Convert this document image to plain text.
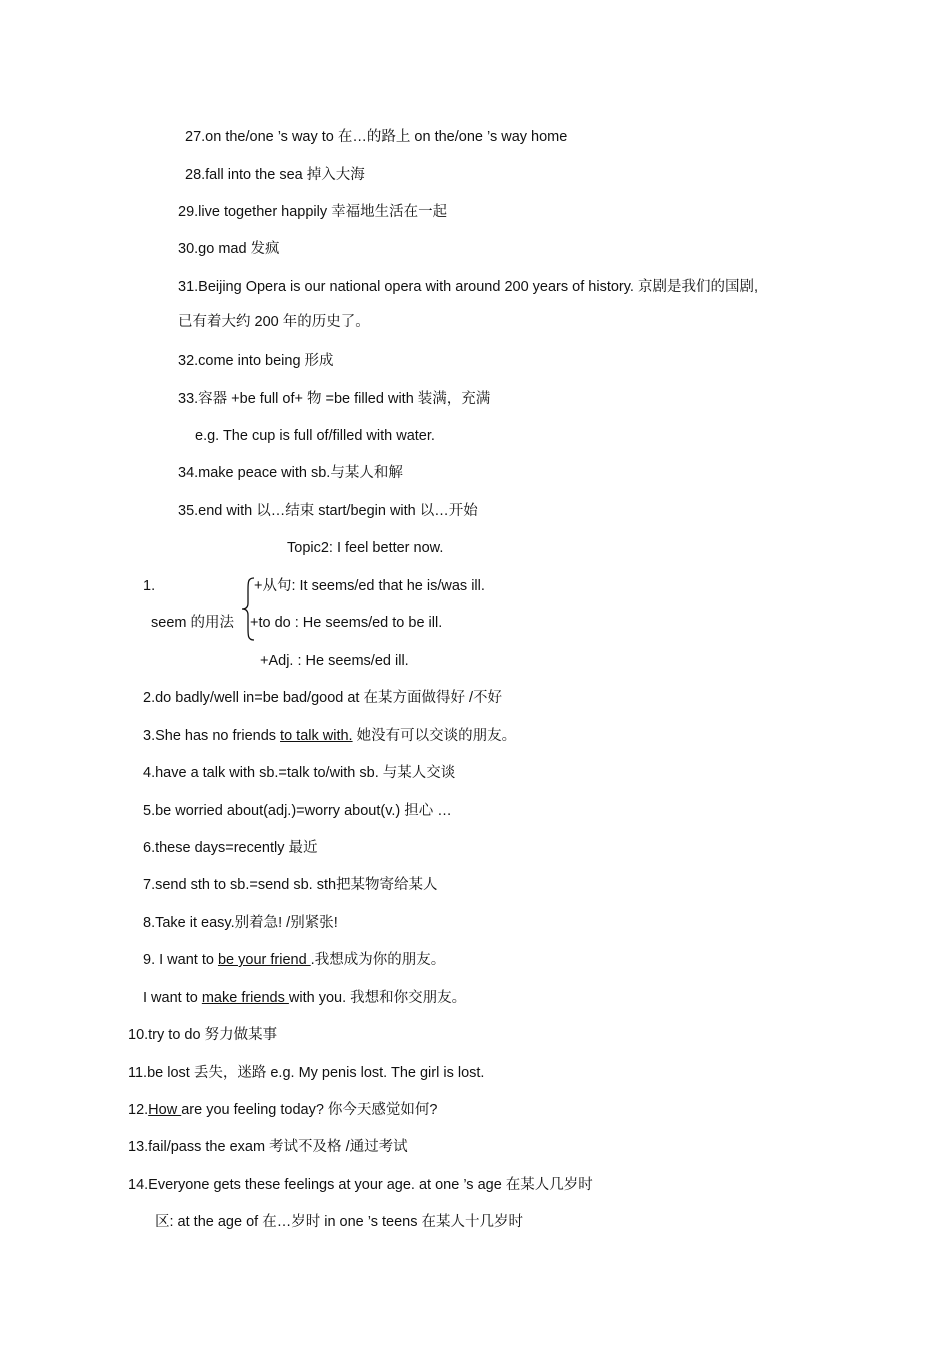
27.on the/one ’s way to 在…的路上 on the/one ’s way home
28.fall into the sea 掉入大海
29.live together happily 幸福地生活在一起
30.go mad 发疯
31.Beijing Opera is our national opera with around 200 years of history. 京剧是我们的国剧,
已有着大约 200 年的历史了。
32.come into being 形成
33.容器 +be full of+ 物 =be filled with 装满，充满
e.g. The cup is full of/filled with water.
34.make peace with sb.与某人和解
35.end with 以…结束 start/begin with 以…开始
Topic2: I feel better now.
1.
seem 的用法
+从句: It seems/ed that he is/was ill.
+to do : He seems/ed to be ill.
+Adj. : He seems/ed ill.
2.do badly/well in=be bad/good at 在某方面做得好 /不好
3.She has no friends to talk with. 她没有可以交谈的朋友。
4.have a talk with sb.=talk to/with sb. 与某人交谈
5.be worried about(adj.)=worry about(v.) 担心 …
6.these days=recently 最近
7.send sth to sb.=send sb. sth把某物寄给某人
8.Take it easy.别着急! /别紧张!
9. I want to be your friend .我想成为你的朋友。
I want to make friends with you. 我想和你交朋友。
10.try to do 努力做某事
11.be lost 丢失，迷路 e.g. My penis lost. The girl is lost.
12.How are you feeling today? 你今天感觉如何?
13.fail/pass the exam 考试不及格 /通过考试
14.Everyone gets these feelings at your age. at one ’s age 在某人几岁时
区: at the age of 在…岁时 in one ’s teens 在某人十几岁时
